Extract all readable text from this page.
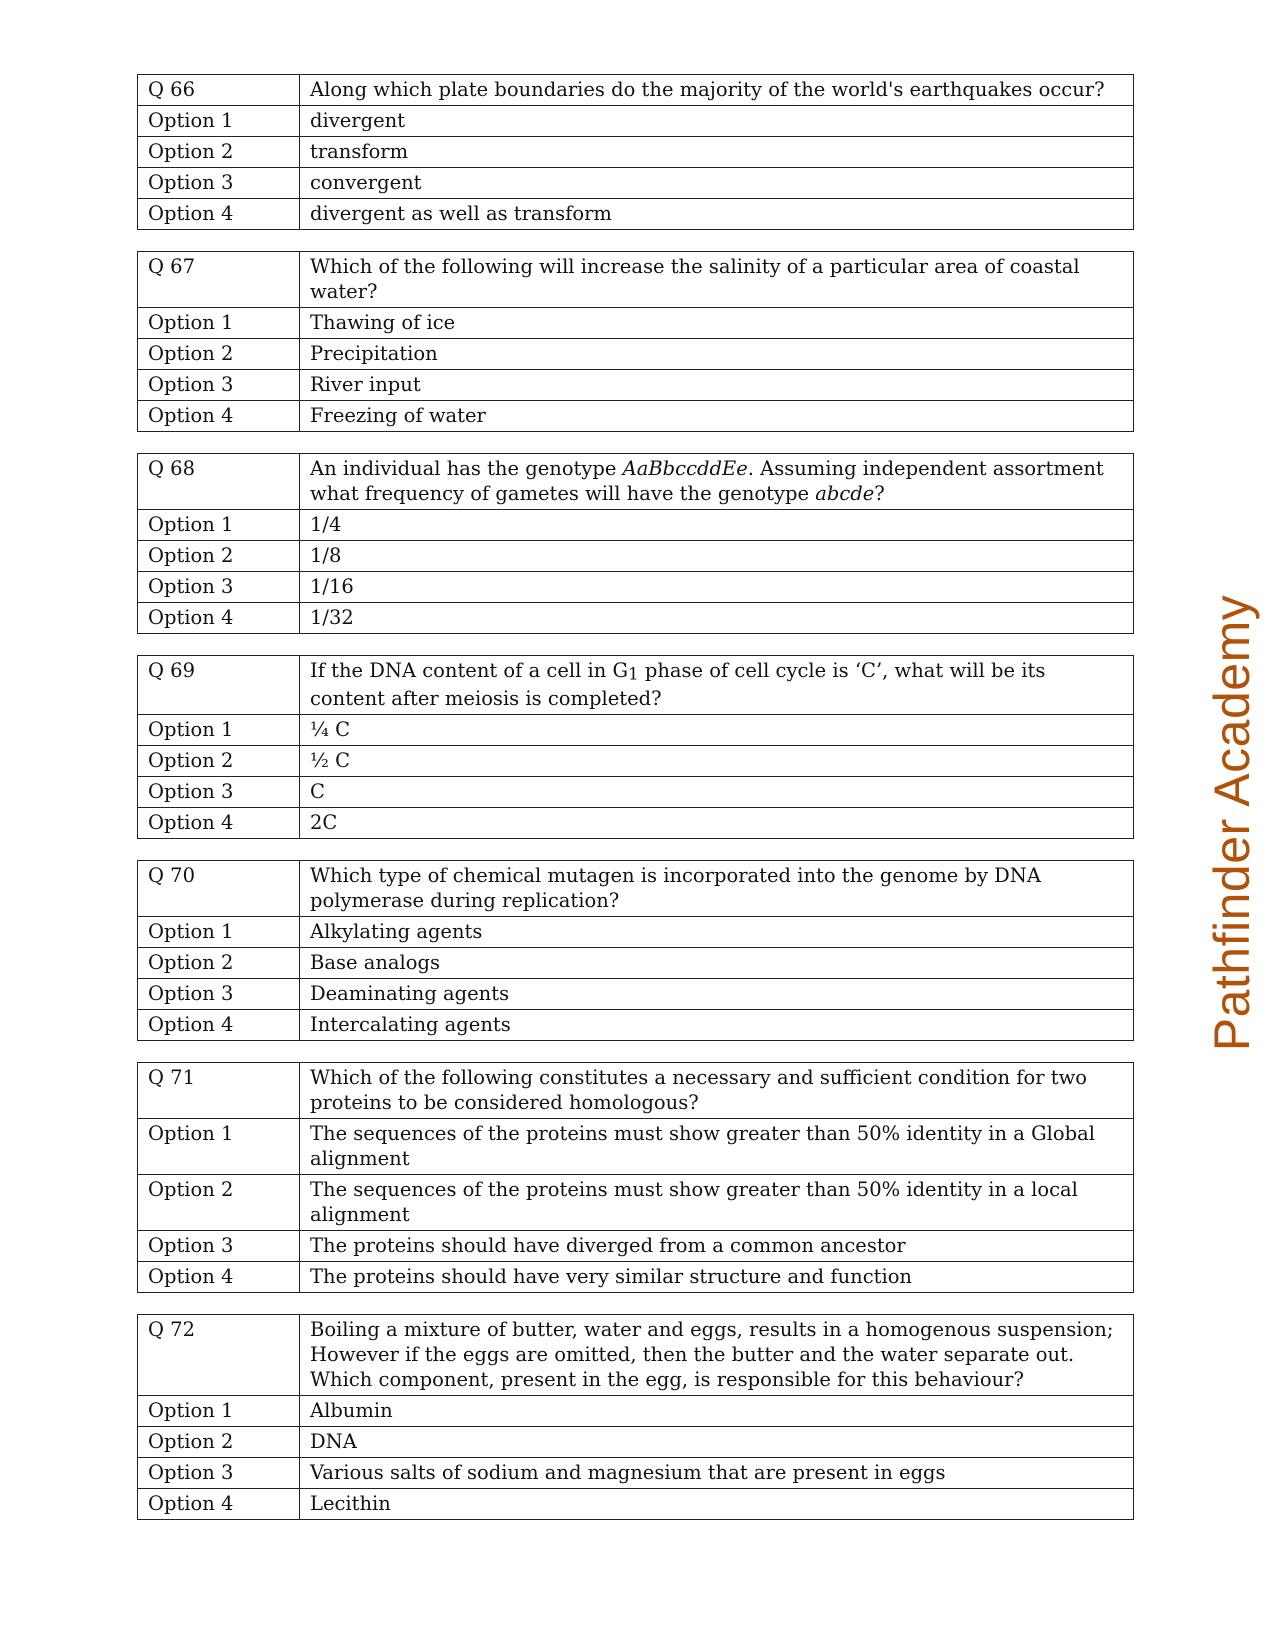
Q 66	Along which plate boundaries do the majority of the world's earthquakes occur?
Option 1	divergent
Option 2	transform
Option 3	convergent
Option 4	divergent as well as transform
Q 67	Which of the following will increase the salinity of a particular area of coastal water?
Option 1	Thawing of ice
Option 2	Precipitation
Option 3	River input
Option 4	Freezing of water
Q 68	An individual has the genotype AaBbccddEe. Assuming independent assortment what frequency of gametes will have the genotype abcde?
Option 1	1/4
Option 2	1/8
Option 3	1/16
Option 4	1/32
Q 69	If the DNA content of a cell in $G_1$ phase of cell cycle is ‘C’, what will be its content after meiosis is completed?
Option 1	¼ C
Option 2	½ C
Option 3	C
Option 4	2C
Q 70	Which type of chemical mutagen is incorporated into the genome by DNA polymerase during replication?
Option 1	Alkylating agents
Option 2	Base analogs
Option 3	Deaminating agents
Option 4	Intercalating agents
Q 71	Which of the following constitutes a necessary and sufficient condition for two proteins to be considered homologous?
Option 1	The sequences of the proteins must show greater than 50% identity in a Global alignment
Option 2	The sequences of the proteins must show greater than 50% identity in a local alignment
Option 3	The proteins should have diverged from a common ancestor
Option 4	The proteins should have very similar structure and function
Q 72	Boiling a mixture of butter, water and eggs, results in a homogenous suspension; However if the eggs are omitted, then the butter and the water separate out. Which component, present in the egg, is responsible for this behaviour?
Option 1	Albumin
Option 2	DNA
Option 3	Various salts of sodium and magnesium that are present in eggs
Option 4	Lecithin
Pathfinder Academy
